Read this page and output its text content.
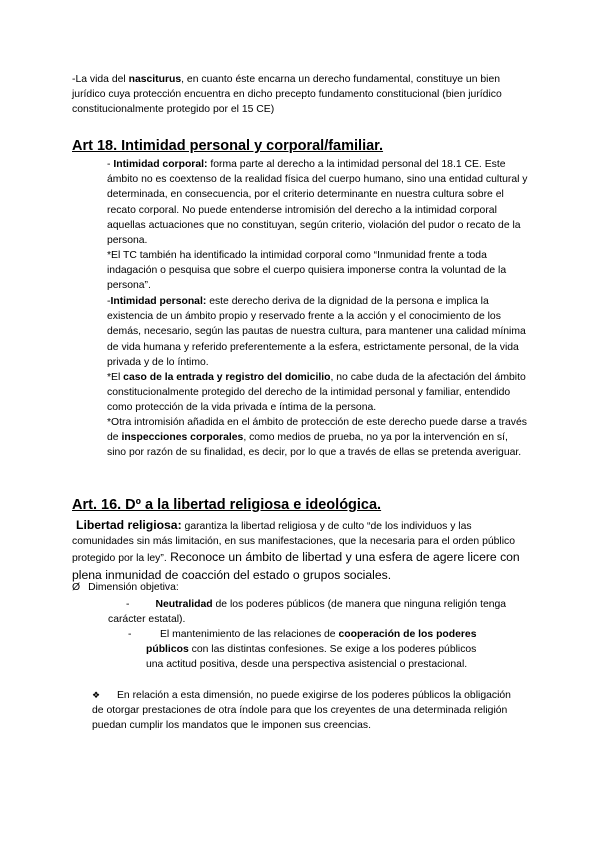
-La vida del nasciturus, en cuanto éste encarna un derecho fundamental, constituye un bien jurídico cuya protección encuentra en dicho precepto fundamento constitucional (bien jurídico constitucionalmente protegido por el 15 CE)

Art 18. Intimidad personal y corporal/familiar.

- Intimidad corporal: forma parte al derecho a la intimidad personal del 18.1 CE. Este ámbito no es coextenso de la realidad física del cuerpo humano, sino una entidad cultural y determinada, en consecuencia, por el criterio determinante en nuestra cultura sobre el recato corporal. No puede entenderse intromisión del derecho a la intimidad corporal aquellas actuaciones que no constituyan, según criterio, violación del pudor o recato de la persona.

*El TC también ha identificado la intimidad corporal como “Inmunidad frente a toda indagación o pesquisa que sobre el cuerpo quisiera imponerse contra la voluntad de la persona”.

-Intimidad personal: este derecho deriva de la dignidad de la persona e implica la existencia de un ámbito propio y reservado frente a la acción y el conocimiento de los demás, necesario, según las pautas de nuestra cultura, para mantener una calidad mínima de vida humana y referido preferentemente a la esfera, estrictamente personal, de la vida privada y de lo íntimo.

*El caso de la entrada y registro del domicilio, no cabe duda de la afectación del ámbito constitucionalmente protegido del derecho de la intimidad personal y familiar, entendido como protección de la vida privada e íntima de la persona.

*Otra intromisión añadida en el ámbito de protección de este derecho puede darse a través de inspecciones corporales, como medios de prueba, no ya por la intervención en sí, sino por razón de su finalidad, es decir, por lo que a través de ellas se pretenda averiguar.

Art. 16. Dº a la libertad religiosa e ideológica.

Libertad religiosa: garantiza la libertad religiosa y de culto “de los individuos y las comunidades sin más limitación, en sus manifestaciones, que la necesaria para el orden público protegido por la ley”. Reconoce un ámbito de libertad y una esfera de agere licere con plena inmunidad de coacción del estado o grupos sociales.

Ø Dimensión objetiva:

-	Neutralidad de los poderes públicos (de manera que ninguna religión tenga carácter estatal).

-	El mantenimiento de las relaciones de cooperación de los poderes públicos con las distintas confesiones. Se exige a los poderes públicos una actitud positiva, desde una perspectiva asistencial o prestacional.

❖	En relación a esta dimensión, no puede exigirse de los poderes públicos la obligación de otorgar prestaciones de otra índole para que los creyentes de una determinada religión puedan cumplir los mandatos que le imponen sus creencias.
